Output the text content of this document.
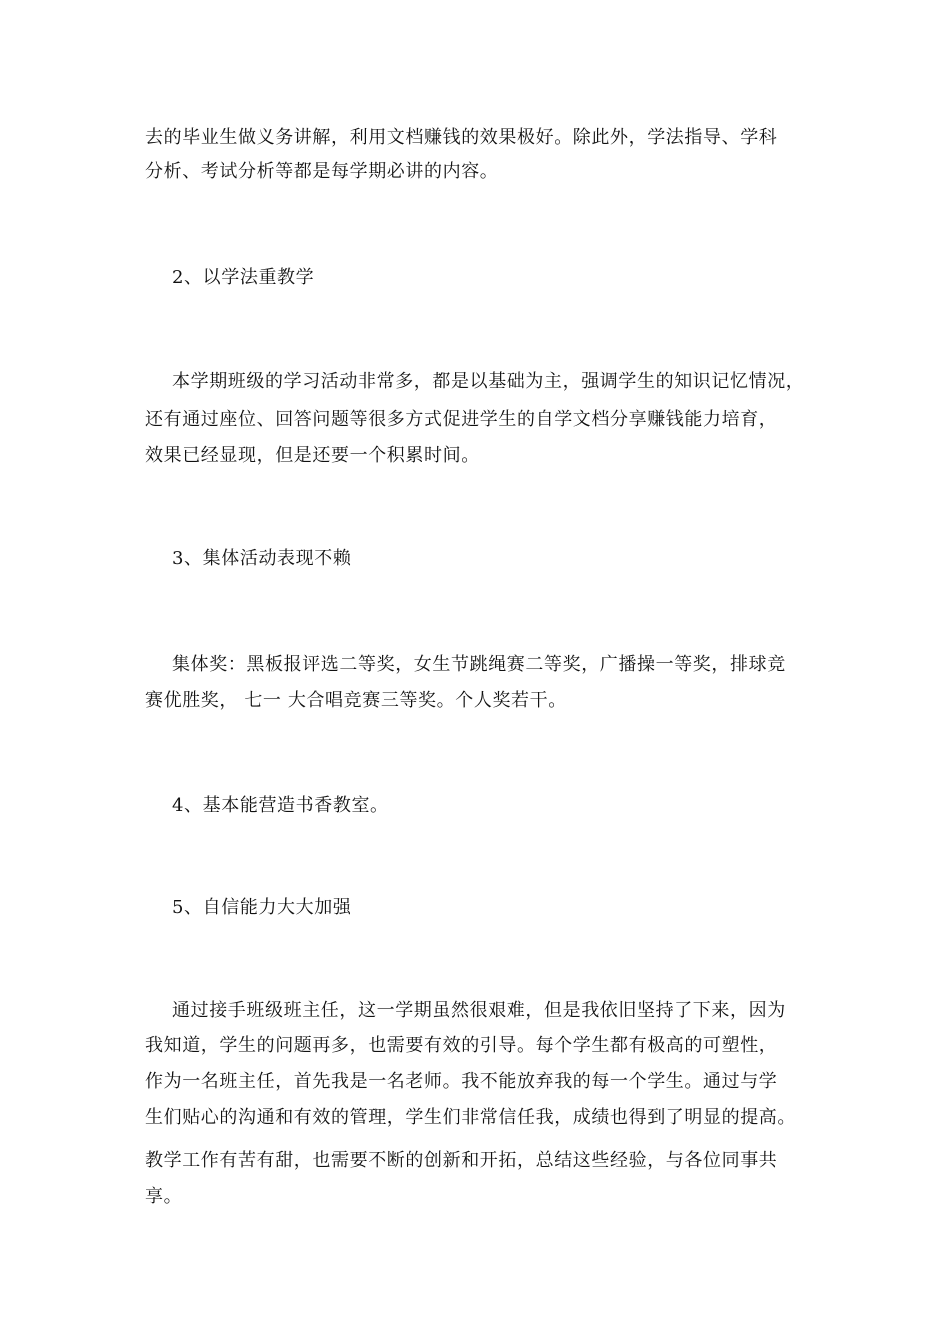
去的毕业生做义务讲解，利用文档赚钱的效果极好。除此外，学法指导、学科
分析、考试分析等都是每学期必讲的内容。
2、以学法重教学
本学期班级的学习活动非常多，都是以基础为主，强调学生的知识记忆情况，
还有通过座位、回答问题等很多方式促进学生的自学文档分享赚钱能力培育，
效果已经显现，但是还要一个积累时间。
3、集体活动表现不赖
集体奖：黑板报评选二等奖，女生节跳绳赛二等奖，广播操一等奖，排球竞
赛优胜奖， 七一 大合唱竞赛三等奖。个人奖若干。
4、基本能营造书香教室。
5、自信能力大大加强
通过接手班级班主任，这一学期虽然很艰难，但是我依旧坚持了下来，因为
我知道，学生的问题再多，也需要有效的引导。每个学生都有极高的可塑性，
作为一名班主任，首先我是一名老师。我不能放弃我的每一个学生。通过与学
生们贴心的沟通和有效的管理，学生们非常信任我，成绩也得到了明显的提高。
教学工作有苦有甜，也需要不断的创新和开拓，总结这些经验，与各位同事共
享。
